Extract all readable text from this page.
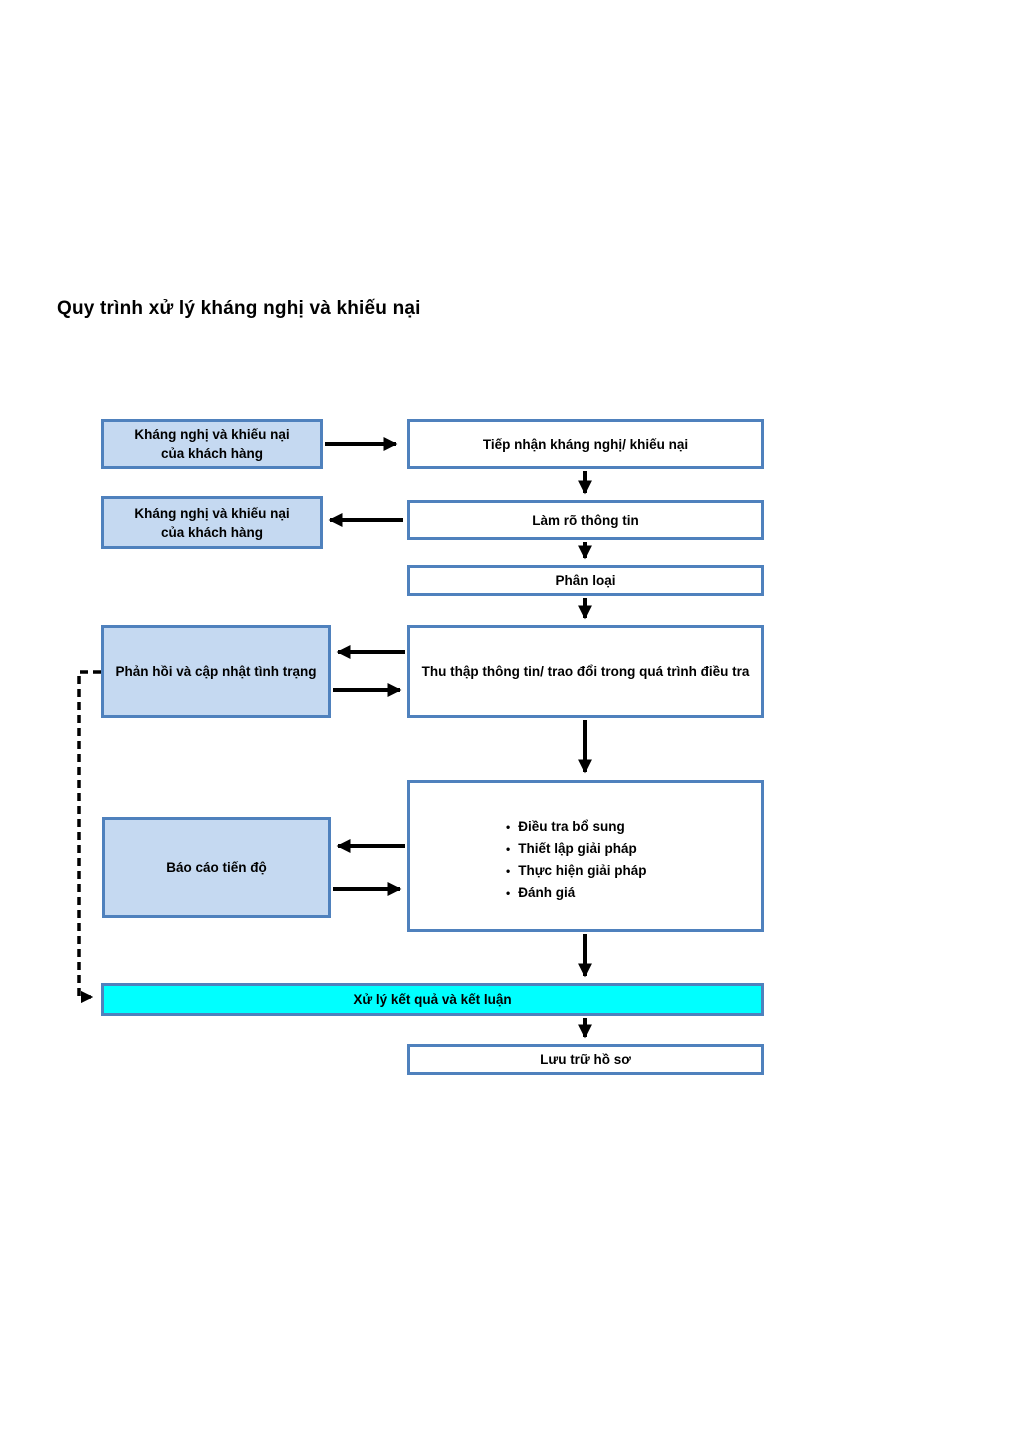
Quy trình xử lý kháng nghị và khiếu nại
Kháng nghị và khiếu nại
của khách hàng
Tiếp nhận kháng nghị/ khiếu nại
Kháng nghị và khiếu nại
của khách hàng
Làm rõ thông tin
Phân loại
Phản hồi và cập nhật tình trạng	Thu thập thông tin/ trao đổi trong quá trình điều tra
Báo cáo tiến độ
• Điều tra bổ sung
• Thiết lập giải pháp
• Thực hiện giải pháp
• Đánh giá
Xử lý kết quả và kết luận
Lưu trữ hồ sơ
